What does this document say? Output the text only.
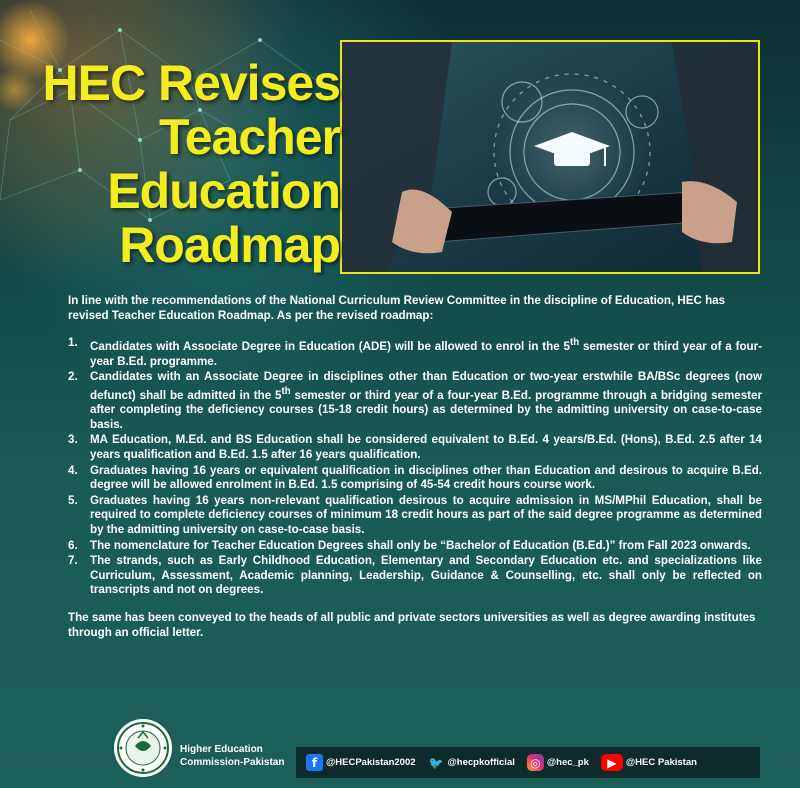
HEC Revises
Teacher
Education
Roadmap

In line with the recommendations of the National Curriculum Review Committee in the discipline of Education, HEC has revised Teacher Education Roadmap. As per the revised roadmap:

1.	Candidates with Associate Degree in Education (ADE) will be allowed to enrol in the 5th semester or third year of a four-year B.Ed. programme.
2.	Candidates with an Associate Degree in disciplines other than Education or two-year erstwhile BA/BSc degrees (now defunct) shall be admitted in the 5th semester or third year of a four-year B.Ed. programme through a bridging semester after completing the deficiency courses (15-18 credit hours) as determined by the admitting university on case-to-case basis.
3.	MA Education, M.Ed. and BS Education shall be considered equivalent to B.Ed. 4 years/B.Ed. (Hons), B.Ed. 2.5 after 14 years qualification and B.Ed. 1.5 after 16 years qualification.
4.	Graduates having 16 years or equivalent qualification in disciplines other than Education and desirous to acquire B.Ed. degree will be allowed enrolment in B.Ed. 1.5 comprising of 45-54 credit hours course work.
5.	Graduates having 16 years non-relevant qualification desirous to acquire admission in MS/MPhil Education, shall be required to complete deficiency courses of minimum 18 credit hours as part of the said degree programme as determined by the admitting university on case-to-case basis.
6.	The nomenclature for Teacher Education Degrees shall only be “Bachelor of Education (B.Ed.)” from Fall 2023 onwards.
7.	The strands, such as Early Childhood Education, Elementary and Secondary Education etc. and specializations like Curriculum, Assessment, Academic planning, Leadership, Guidance & Counselling, etc. shall only be reflected on transcripts and not on degrees.

The same has been conveyed to the heads of all public and private sectors universities as well as degree awarding institutes through an official letter.

Higher Education
Commission-Pakistan	f @HECPakistan2002 🐦 @hecpkofficial ◎ @hec_pk	▶ @HEC Pakistan
